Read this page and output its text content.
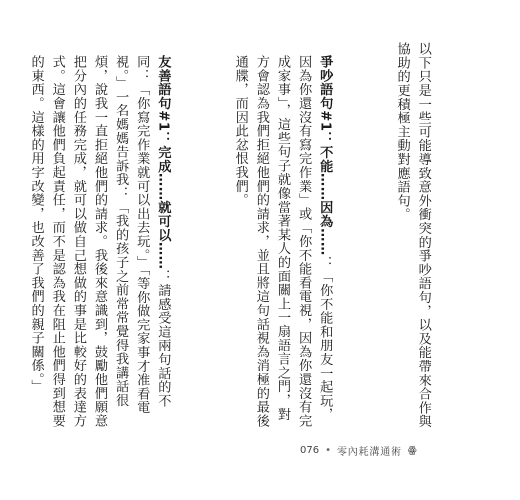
以下只是一些可能導致意外衝突的爭吵語句，以及能帶來合作與協助的更積極主動對應語句。

爭吵語句#1：不能……因為……：「你不能和朋友一起玩，因為你還沒有寫完作業」或「你不能看電視，因為你還沒有完成家事」，這些句子就像當著某人的面關上一扇語言之門，對方會認為我們拒絕他們的請求，並且將這句話視為消極的最後通牒，而因此忿恨我們。

友善語句#1：完成……就可以……：請感受這兩句話的不同：「你寫完作業就可以出去玩。」「等你做完家事才准看電視。」一名媽媽告訴我：「我的孩子之前常常覺得我講話很煩，說我一直拒絕他們的請求。我後來意識到，鼓勵他們願意把分內的任務完成，就可以做自己想做的事是比較好的表達方式。這會讓他們負起責任，而不是認為我在阻止他們得到想要的東西。這樣的用字改變，也改善了我們的親子關係。」

076 • 零內耗溝通術 ꙮ
